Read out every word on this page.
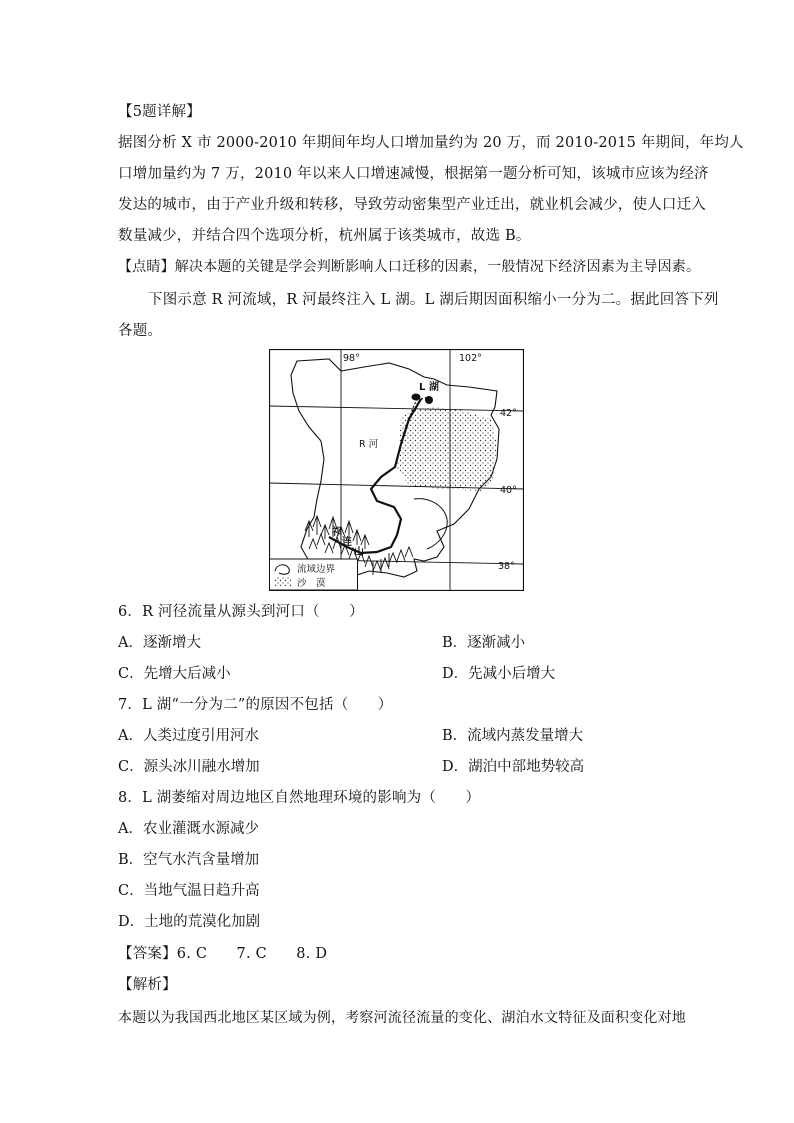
【5题详解】
据图分析 X 市 2000-2010 年期间年均人口增加量约为 20 万，而 2010-2015 年期间，年均人
口增加量约为 7 万，2010 年以来人口增速减慢，根据第一题分析可知，该城市应该为经济
发达的城市，由于产业升级和转移，导致劳动密集型产业迁出，就业机会减少，使人口迁入
数量减少，并结合四个选项分析，杭州属于该类城市，故选 B。
【点睛】解决本题的关键是学会判断影响人口迁移的因素，一般情况下经济因素为主导因素。
下图示意 R 河流域，R 河最终注入 L 湖。L 湖后期因面积缩小一分为二。据此回答下列
各题。
98°	102°
42°
40°
38°
L 湖
R 河
祁
连
山
流域边界
沙　漠
6．R 河径流量从源头到河口（　　）
A．逐渐增大	B．逐渐减小
C．先增大后减小	D．先减小后增大
7．L 湖“一分为二”的原因不包括（　　）
A．人类过度引用河水	B．流域内蒸发量增大
C．源头冰川融水增加	D．湖泊中部地势较高
8．L 湖萎缩对周边地区自然地理环境的影响为（　　）
A．农业灌溉水源减少
B．空气水汽含量增加
C．当地气温日趋升高
D．土地的荒漠化加剧
【答案】6. C　　7. C　　8. D
【解析】
本题以为我国西北地区某区域为例，考察河流径流量的变化、湖泊水文特征及面积变化对地
